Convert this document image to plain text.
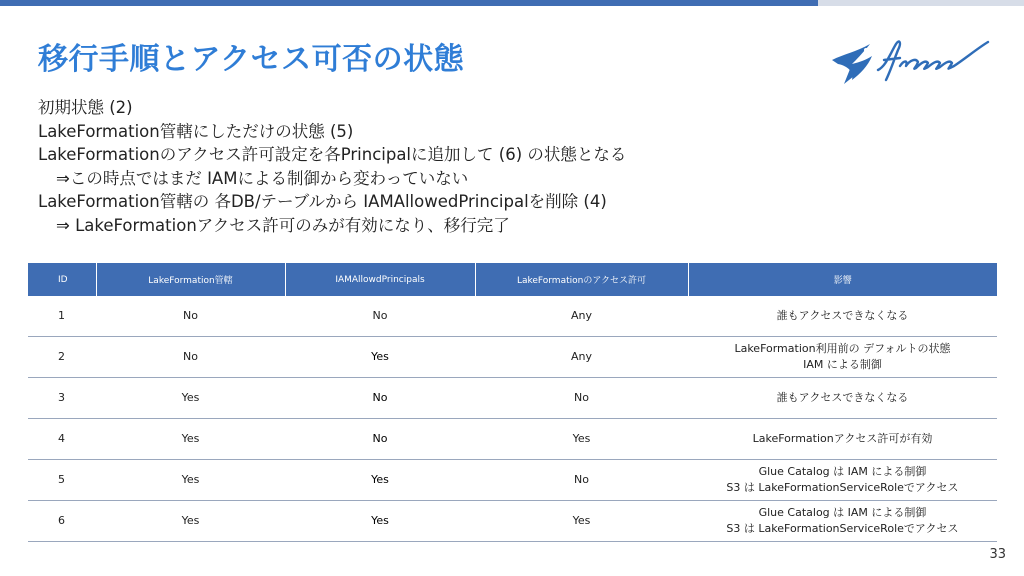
移行手順とアクセス可否の状態
初期状態 (2)
LakeFormation管轄にしただけの状態 (5)
LakeFormationのアクセス許可設定を各Principalに追加して (6) の状態となる
⇒この時点ではまだ IAMによる制御から変わっていない
LakeFormation管轄の 各DB/テーブルから IAMAllowedPrincipalを削除 (4)
⇒ LakeFormationアクセス許可のみが有効になり、移行完了
ID	LakeFormation管轄	IAMAllowdPrincipals	LakeFormationのアクセス許可	影響
1	No	No	Any	誰もアクセスできなくなる

2	No	Yes	Any	LakeFormation利用前の デフォルトの状態
IAM による制御

3	Yes	No	No	誰もアクセスできなくなる

4	Yes	No	Yes	LakeFormationアクセス許可が有効

5	Yes	Yes	No	Glue Catalog は IAM による制御
S3 は LakeFormationServiceRoleでアクセス

6	Yes	Yes	Yes	Glue Catalog は IAM による制御
S3 は LakeFormationServiceRoleでアクセス
33
